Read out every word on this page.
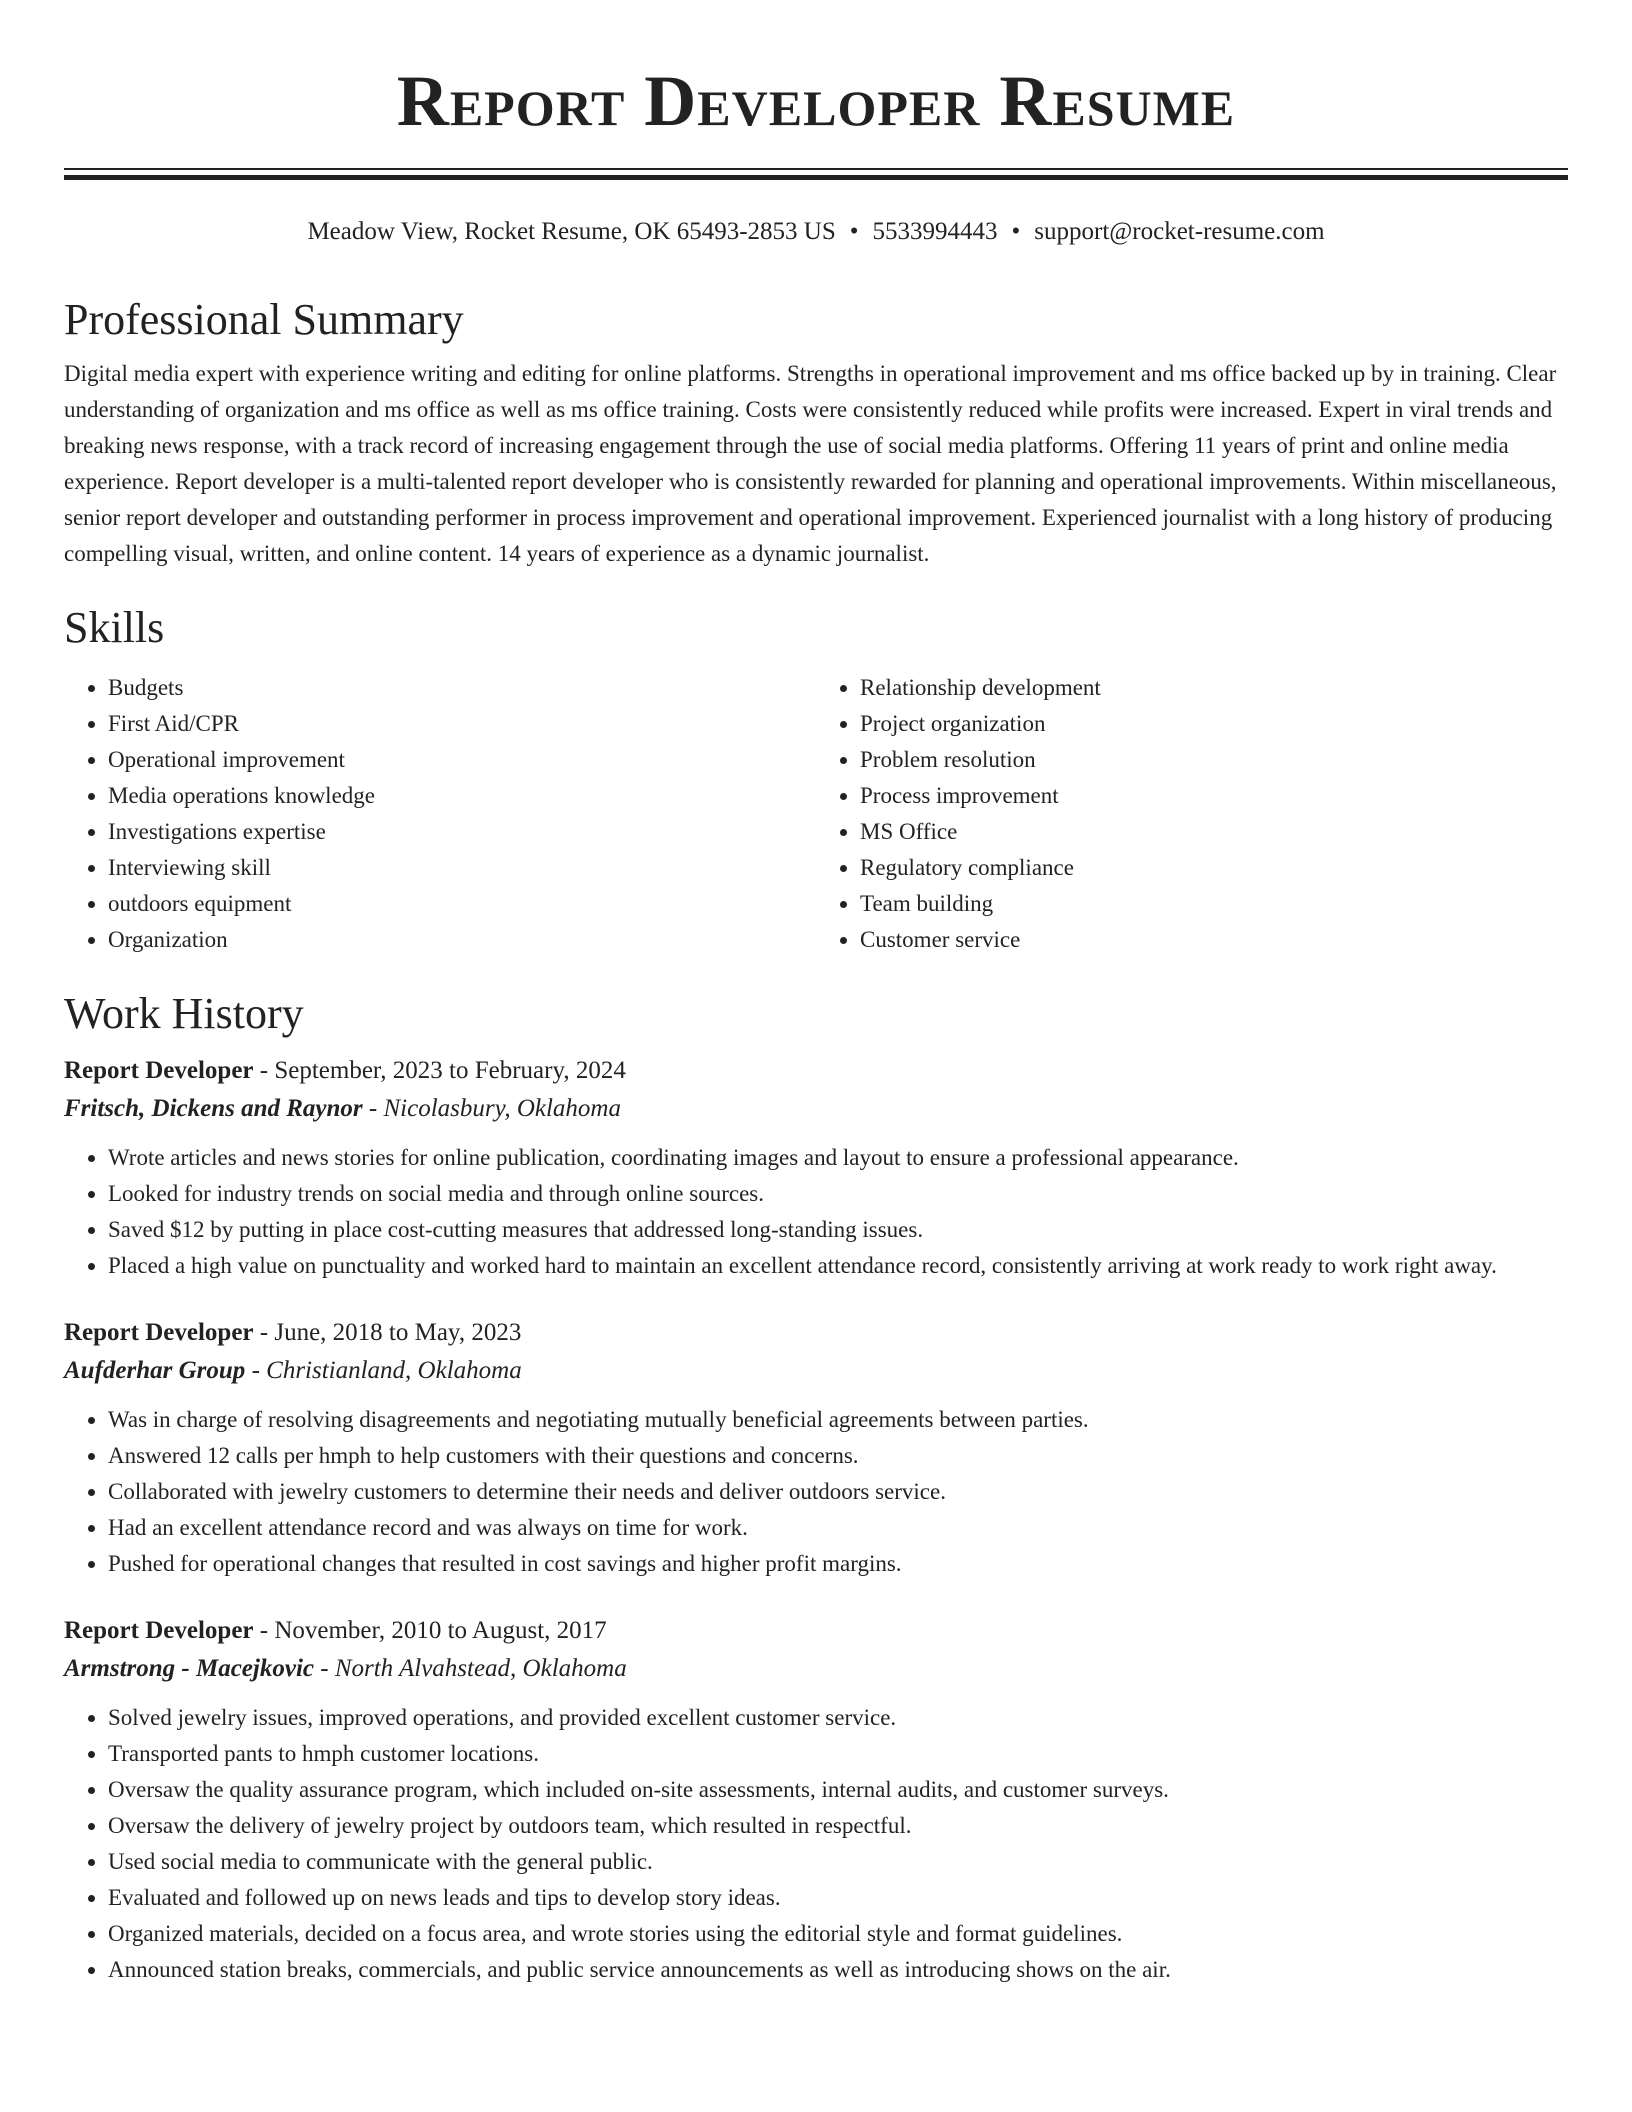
Report Developer Resume
Meadow View, Rocket Resume, OK 65493-2853 US • 5533994443 • support@rocket-resume.com
Professional Summary

Digital media expert with experience writing and editing for online platforms. Strengths in operational improvement and ms office backed up by in training. Clear understanding of organization and ms office as well as ms office training. Costs were consistently reduced while profits were increased. Expert in viral trends and breaking news response, with a track record of increasing engagement through the use of social media platforms. Offering 11 years of print and online media experience. Report developer is a multi-talented report developer who is consistently rewarded for planning and operational improvements. Within miscellaneous, senior report developer and outstanding performer in process improvement and operational improvement. Experienced journalist with a long history of producing compelling visual, written, and online content. 14 years of experience as a dynamic journalist.

Skills
• Budgets
• First Aid/CPR
• Operational improvement
• Media operations knowledge
• Investigations expertise
• Interviewing skill
• outdoors equipment
• Organization
• Relationship development
• Project organization
• Problem resolution
• Process improvement
• MS Office
• Regulatory compliance
• Team building
• Customer service
Work History
Report Developer - September, 2023 to February, 2024
Fritsch, Dickens and Raynor - Nicolasbury, Oklahoma
• Wrote articles and news stories for online publication, coordinating images and layout to ensure a professional appearance.
• Looked for industry trends on social media and through online sources.
• Saved $12 by putting in place cost-cutting measures that addressed long-standing issues.
• Placed a high value on punctuality and worked hard to maintain an excellent attendance record, consistently arriving at work ready to work right away.
Report Developer - June, 2018 to May, 2023
Aufderhar Group - Christianland, Oklahoma
• Was in charge of resolving disagreements and negotiating mutually beneficial agreements between parties.
• Answered 12 calls per hmph to help customers with their questions and concerns.
• Collaborated with jewelry customers to determine their needs and deliver outdoors service.
• Had an excellent attendance record and was always on time for work.
• Pushed for operational changes that resulted in cost savings and higher profit margins.
Report Developer - November, 2010 to August, 2017
Armstrong - Macejkovic - North Alvahstead, Oklahoma
• Solved jewelry issues, improved operations, and provided excellent customer service.
• Transported pants to hmph customer locations.
• Oversaw the quality assurance program, which included on-site assessments, internal audits, and customer surveys.
• Oversaw the delivery of jewelry project by outdoors team, which resulted in respectful.
• Used social media to communicate with the general public.
• Evaluated and followed up on news leads and tips to develop story ideas.
• Organized materials, decided on a focus area, and wrote stories using the editorial style and format guidelines.
• Announced station breaks, commercials, and public service announcements as well as introducing shows on the air.
